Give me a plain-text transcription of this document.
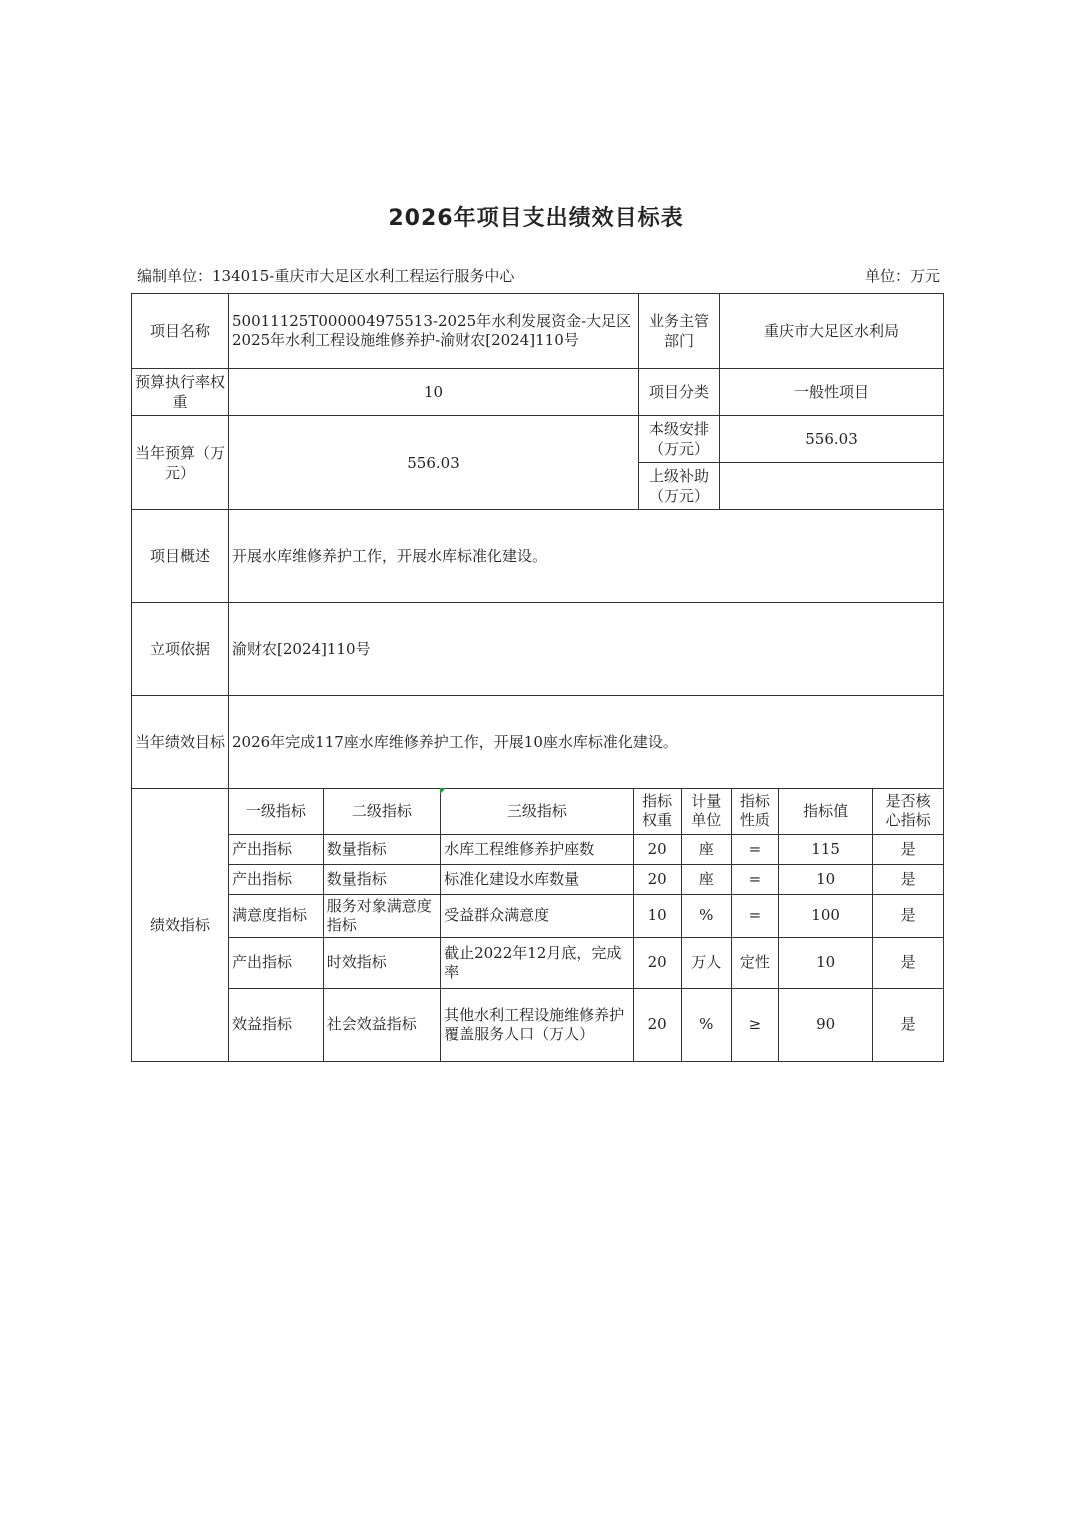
2026年项目支出绩效目标表
编制单位：134015-重庆市大足区水利工程运行服务中心	单位：万元
项目名称	50011125T000004975513-2025年水利发展资金-大足区2025年水利工程设施维修养护-渝财农[2024]110号	业务主管部门	重庆市大足区水利局
预算执行率权重	10	项目分类	一般性项目
当年预算（万元）	556.03	本级安排（万元）	556.03
上级补助（万元）	
项目概述	开展水库维修养护工作，开展水库标准化建设。
立项依据	渝财农[2024]110号
当年绩效目标	2026年完成117座水库维修养护工作，开展10座水库标准化建设。
绩效指标	
一级指标	二级指标	三级指标	指标权重	计量单位	指标性质	指标值	是否核心指标
产出指标	数量指标	水库工程维修养护座数	20	座	=	115	是
产出指标	数量指标	标准化建设水库数量	20	座	=	10	是
满意度指标	服务对象满意度指标	受益群众满意度	10	%	=	100	是
产出指标	时效指标	截止2022年12月底，完成率	20	万人	定性	10	是
效益指标	社会效益指标	其他水利工程设施维修养护覆盖服务人口（万人）	20	%	≥	90	是
